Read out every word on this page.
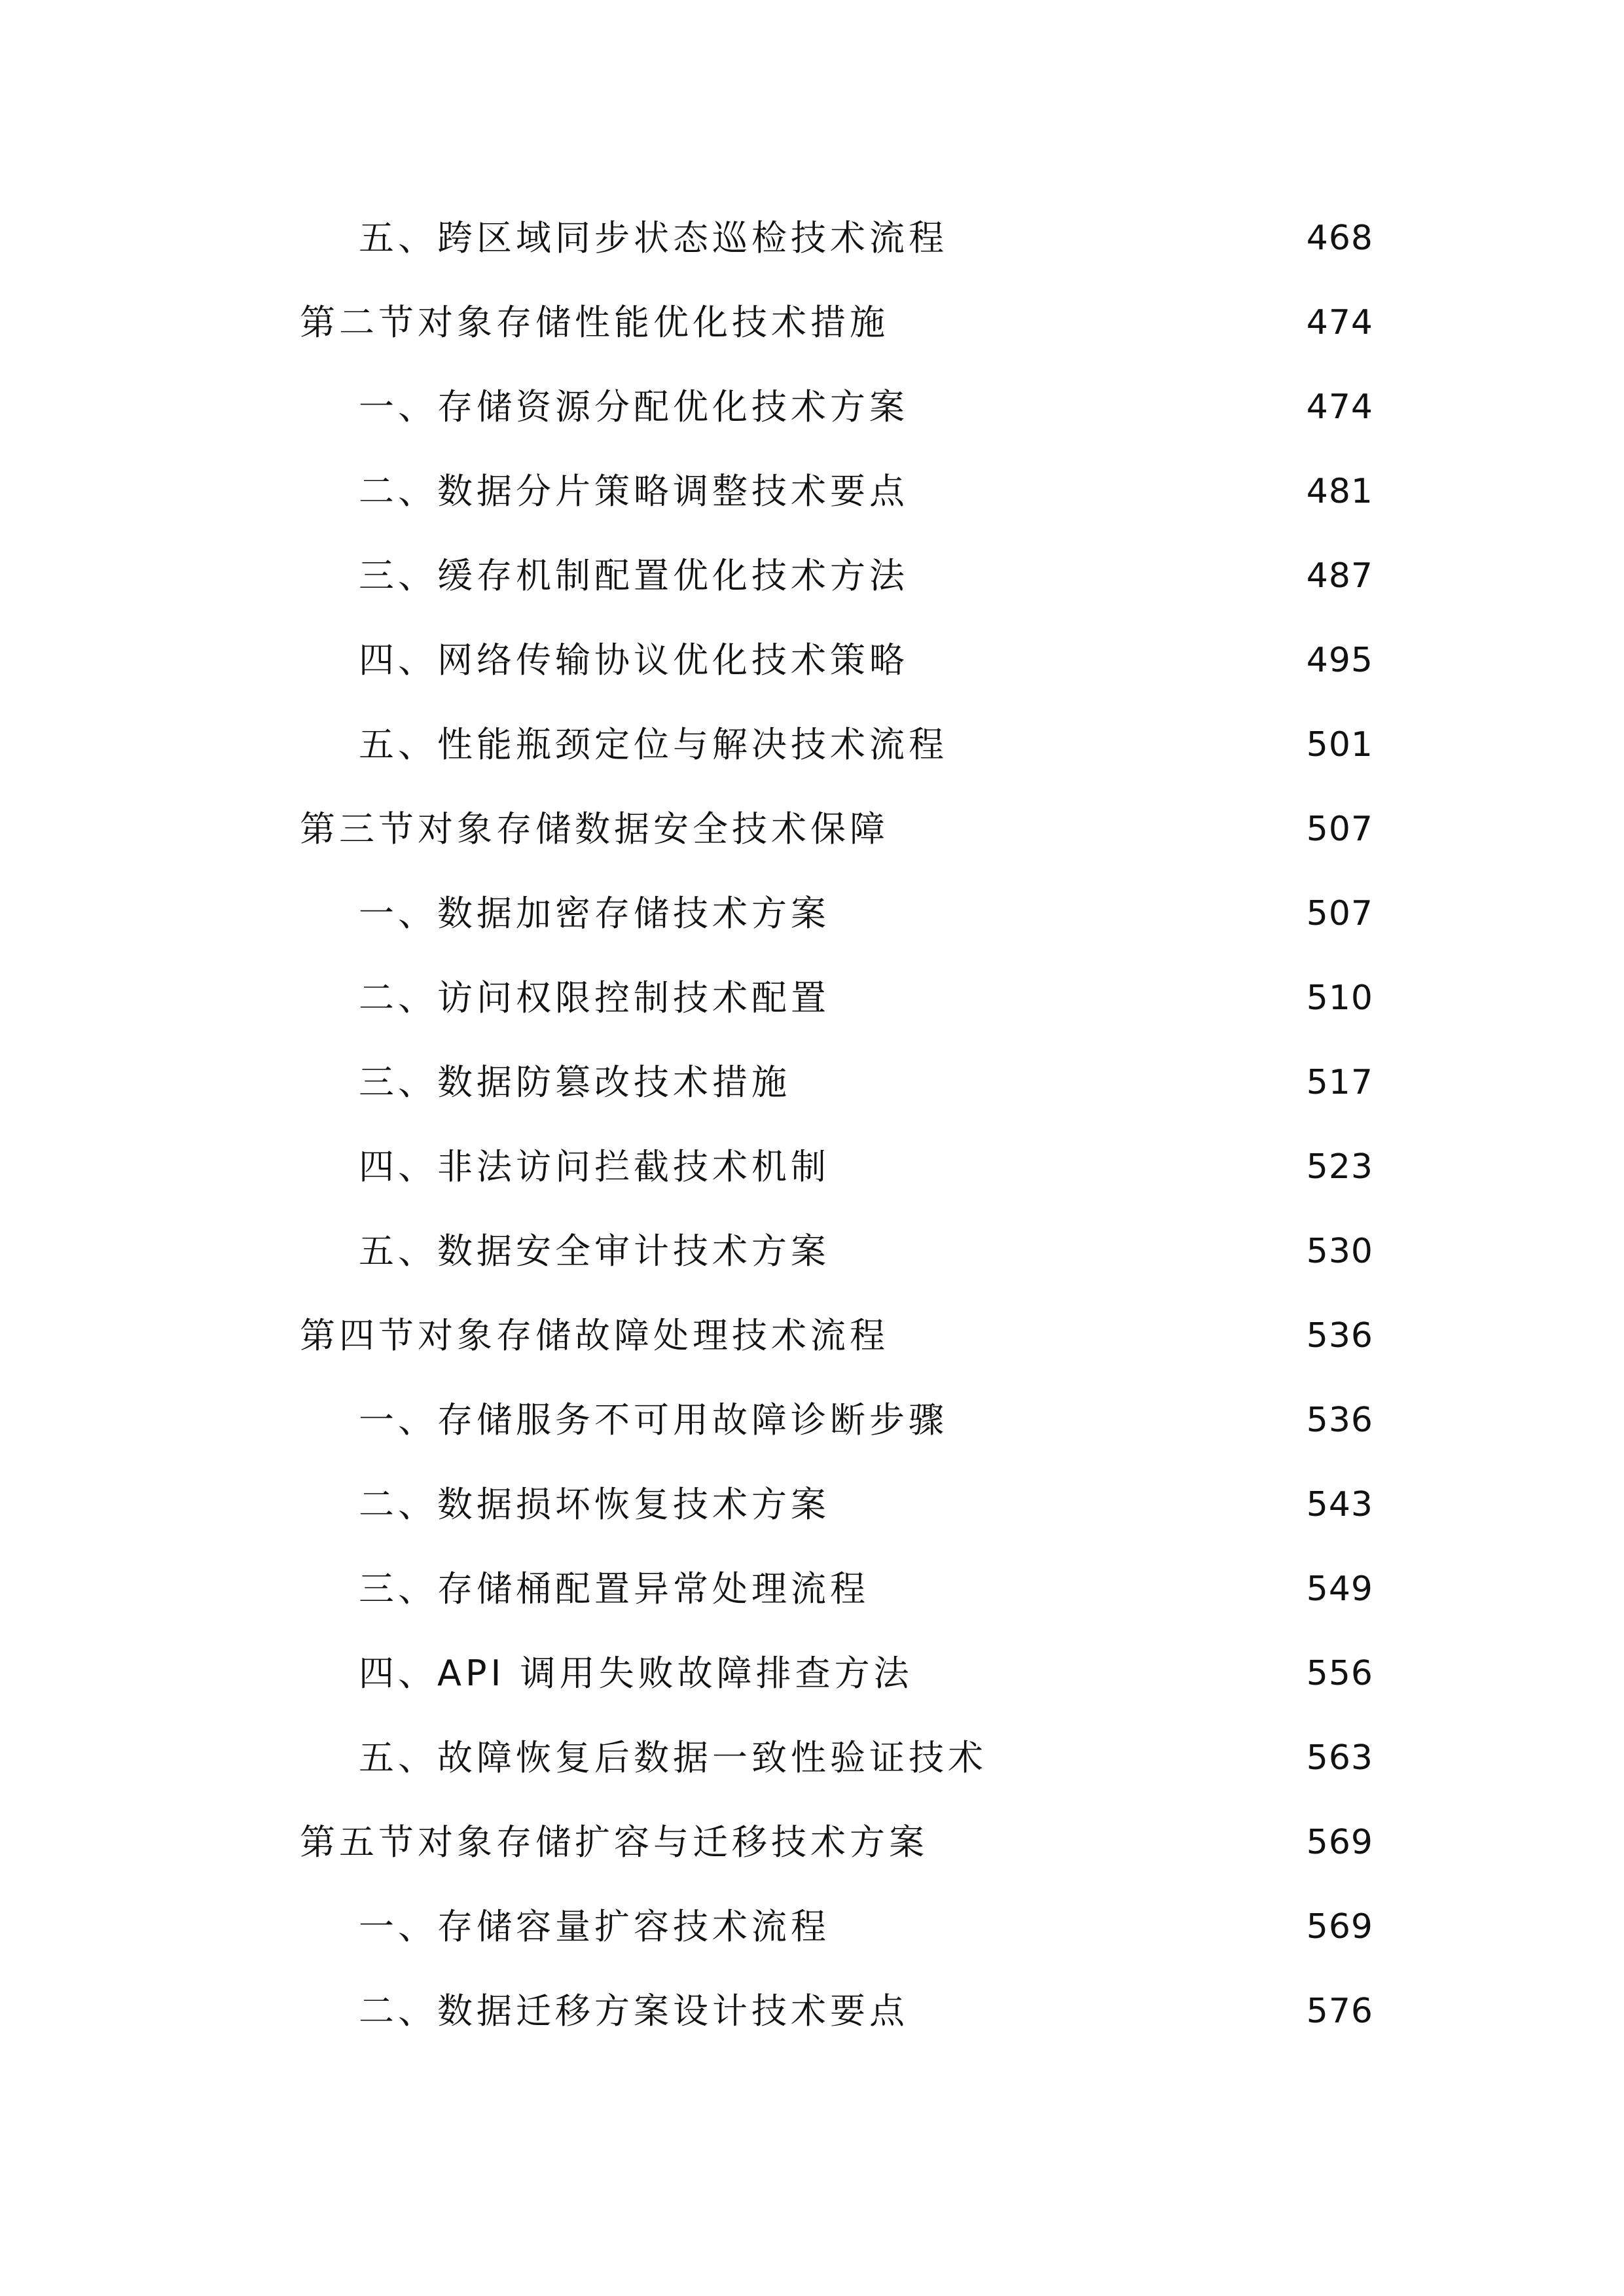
五、跨区域同步状态巡检技术流程	468
第二节对象存储性能优化技术措施	474
一、存储资源分配优化技术方案	474
二、数据分片策略调整技术要点	481
三、缓存机制配置优化技术方法	487
四、网络传输协议优化技术策略	495
五、性能瓶颈定位与解决技术流程	501
第三节对象存储数据安全技术保障	507
一、数据加密存储技术方案	507
二、访问权限控制技术配置	510
三、数据防篡改技术措施	517
四、非法访问拦截技术机制	523
五、数据安全审计技术方案	530
第四节对象存储故障处理技术流程	536
一、存储服务不可用故障诊断步骤	536
二、数据损坏恢复技术方案	543
三、存储桶配置异常处理流程	549
四、API 调用失败故障排查方法	556
五、故障恢复后数据一致性验证技术	563
第五节对象存储扩容与迁移技术方案	569
一、存储容量扩容技术流程	569
二、数据迁移方案设计技术要点	576
